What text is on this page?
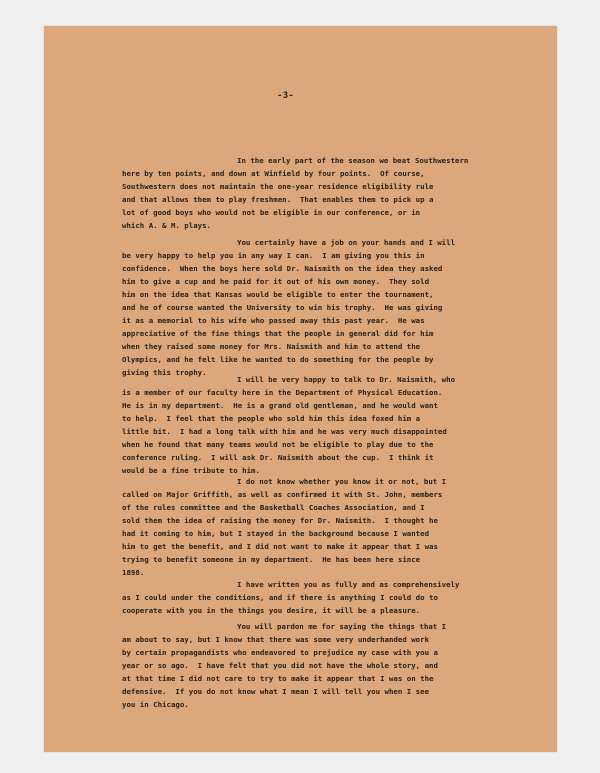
-3-
In the early part of the season we beat Southwestern
here by ten points, and down at Winfield by four points.  Of course,
Southwestern does not maintain the one-year residence eligibility rule
and that allows them to play freshmen.  That enables them to pick up a
lot of good boys who would not be eligible in our conference, or in
which A. & M. plays.
You certainly have a job on your hands and I will
be very happy to help you in any way I can.  I am giving you this in
confidence.  When the boys here sold Dr. Naismith on the idea they asked
him to give a cup and he paid for it out of his own money.  They sold
him on the idea that Kansas would be eligible to enter the tournament,
and he of course wanted the University to win his trophy.  He was giving
it as a memorial to his wife who passed away this past year.  He was
appreciative of the fine things that the people in general did for him
when they raised some money for Mrs. Naismith and him to attend the
Olympics, and he felt like he wanted to do something for the people by
giving this trophy.
I will be very happy to talk to Dr. Naismith, who
is a member of our faculty here in the Department of Physical Education.
He is in my department.  He is a grand old gentleman, and he would want
to help.  I feel that the people who sold him this idea foxed him a
little bit.  I had a long talk with him and he was very much disappointed
when he found that many teams would not be eligible to play due to the
conference ruling.  I will ask Dr. Naismith about the cup.  I think it
would be a fine tribute to him.
I do not know whether you know it or not, but I
called on Major Griffith, as well as confirmed it with St. John, members
of the rules committee and the Basketball Coaches Association, and I
sold them the idea of raising the money for Dr. Naismith.  I thought he
had it coming to him, but I stayed in the background because I wanted
him to get the benefit, and I did not want to make it appear that I was
trying to benefit someone in my department.  He has been here since
1898.
I have written you as fully and as comprehensively
as I could under the conditions, and if there is anything I could do to
cooperate with you in the things you desire, it will be a pleasure.
You will pardon me for saying the things that I
am about to say, but I know that there was some very underhanded work
by certain propagandists who endeavored to prejudice my case with you a
year or so ago.  I have felt that you did not have the whole story, and
at that time I did not care to try to make it appear that I was on the
defensive.  If you do not know what I mean I will tell you when I see
you in Chicago.
